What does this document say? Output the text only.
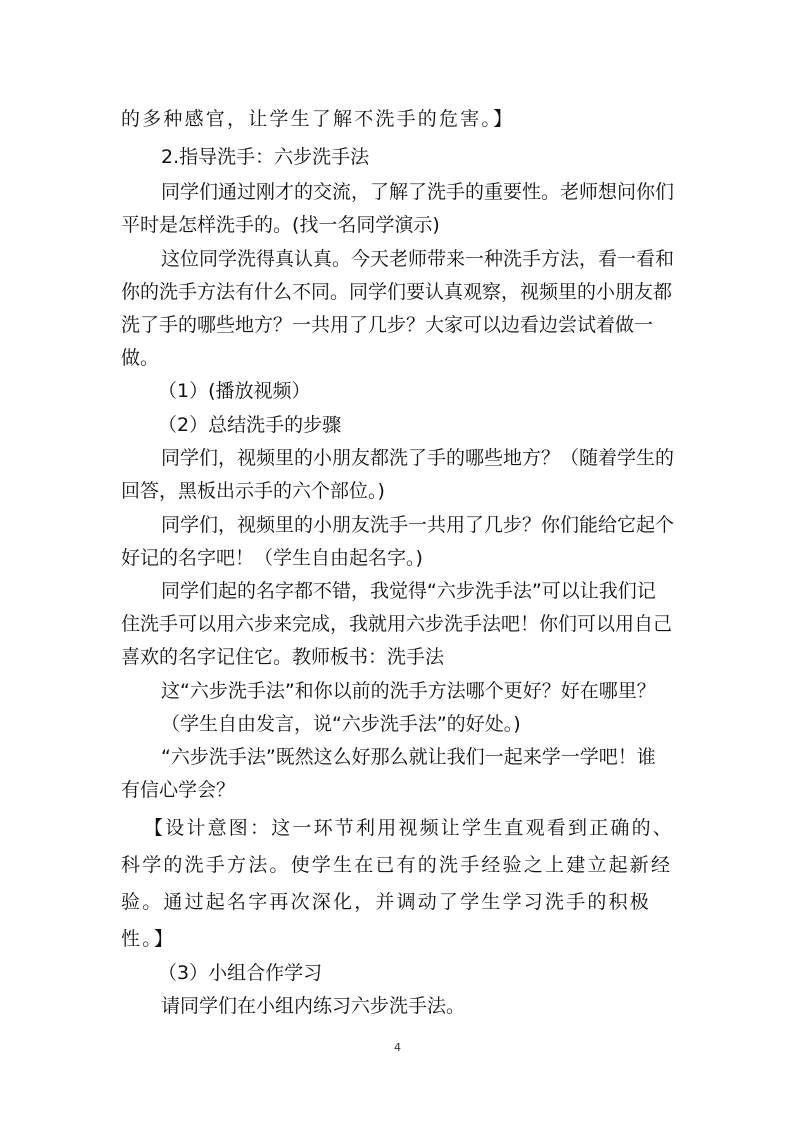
的多种感官，让学生了解不洗手的危害。】
2.指导洗手：六步洗手法
同学们通过刚才的交流，了解了洗手的重要性。老师想问你们
平时是怎样洗手的。(找一名同学演示)
这位同学洗得真认真。今天老师带来一种洗手方法，看一看和
你的洗手方法有什么不同。同学们要认真观察，视频里的小朋友都
洗了手的哪些地方？一共用了几步？大家可以边看边尝试着做一
做。
（1）(播放视频）
（2）总结洗手的步骤
同学们，视频里的小朋友都洗了手的哪些地方？（随着学生的
回答，黑板出示手的六个部位。)
同学们，视频里的小朋友洗手一共用了几步？你们能给它起个
好记的名字吧！（学生自由起名字。)
同学们起的名字都不错，我觉得“六步洗手法”可以让我们记
住洗手可以用六步来完成，我就用六步洗手法吧！你们可以用自己
喜欢的名字记住它。教师板书：洗手法
这“六步洗手法”和你以前的洗手方法哪个更好？好在哪里？
（学生自由发言，说“六步洗手法”的好处。)
“六步洗手法”既然这么好那么就让我们一起来学一学吧！谁
有信心学会？
【设计意图：这一环节利用视频让学生直观看到正确的、
科学的洗手方法。使学生在已有的洗手经验之上建立起新经
验。通过起名字再次深化，并调动了学生学习洗手的积极
性。】
（3）小组合作学习
请同学们在小组内练习六步洗手法。
4
